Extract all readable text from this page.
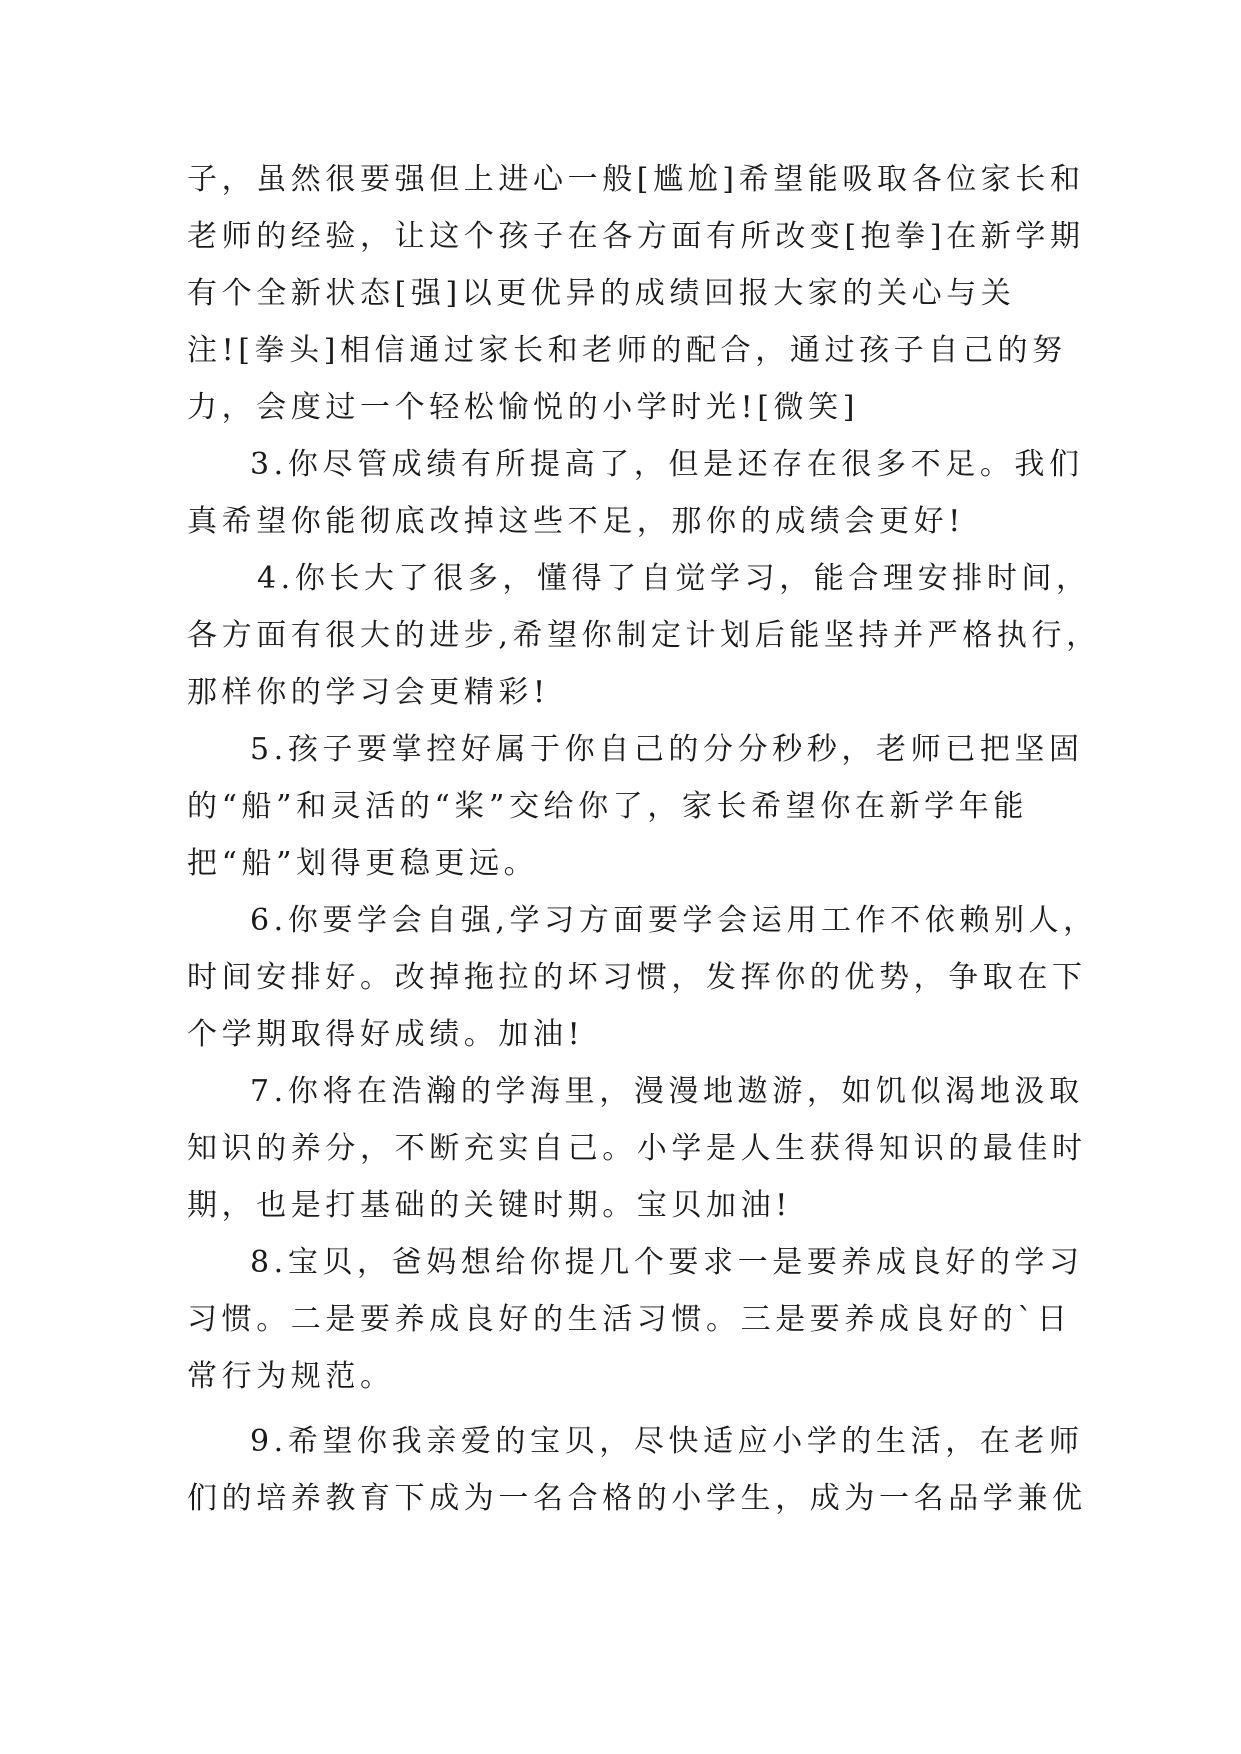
子，虽然很要强但上进心一般[尴尬]希望能吸取各位家长和
老师的经验，让这个孩子在各方面有所改变[抱拳]在新学期
有个全新状态[强]以更优异的成绩回报大家的关心与关
注![拳头]相信通过家长和老师的配合，通过孩子自己的努
力，会度过一个轻松愉悦的小学时光![微笑]
3.你尽管成绩有所提高了，但是还存在很多不足。我们
真希望你能彻底改掉这些不足，那你的成绩会更好!
4.你长大了很多，懂得了自觉学习，能合理安排时间，
各方面有很大的进步,希望你制定计划后能坚持并严格执行，
那样你的学习会更精彩!
5.孩子要掌控好属于你自己的分分秒秒，老师已把坚固
的“船”和灵活的“桨”交给你了，家长希望你在新学年能
把“船”划得更稳更远。
6.你要学会自强,学习方面要学会运用工作不依赖别人，
时间安排好。改掉拖拉的坏习惯，发挥你的优势，争取在下
个学期取得好成绩。加油!
7.你将在浩瀚的学海里，漫漫地遨游，如饥似渴地汲取
知识的养分，不断充实自己。小学是人生获得知识的最佳时
期，也是打基础的关键时期。宝贝加油!
8.宝贝，爸妈想给你提几个要求一是要养成良好的学习
习惯。二是要养成良好的生活习惯。三是要养成良好的`日
常行为规范。
9.希望你我亲爱的宝贝，尽快适应小学的生活，在老师
们的培养教育下成为一名合格的小学生，成为一名品学兼优
